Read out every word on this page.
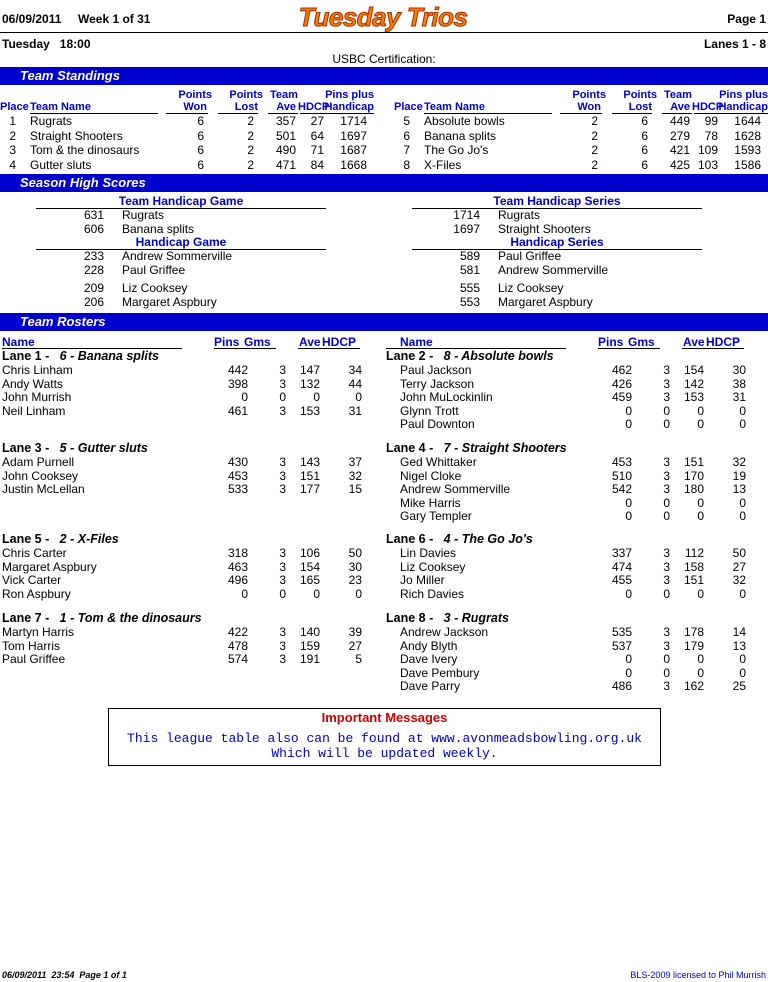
06/09/2011 Week 1 of 31	Tuesday Trios	Page 1
Tuesday   18:00	Lanes 1 - 8
USBC Certification:
Team Standings
Points	Points Team	Pins plus
Place Team Name	Won	Lost	Ave HDCP
Handicap
1 Rugrats	6	2	357	27	1714
2 Straight Shooters	6	2	501	64	1697
3 Tom & the dinosaurs	6	2	490	71	1687
4 Gutter sluts	6	2	471	84	1668
Points	Points Team	Pins plus
Place Team Name	Won	Lost	Ave HDCP
Handicap
5 Absolute bowls	2	6	449	99	1644
6 Banana splits	2	6	279	78	1628
7 The Go Jo's	2	6	421 109	1593
8 X-Files	2	6	425 103	1586
Season High Scores
Team Handicap Game
631 Rugrats
606 Banana splits
Handicap Game
233 Andrew Sommerville
228 Paul Griffee
209 Liz Cooksey
206 Margaret Aspbury
Team Handicap Series
1714 Rugrats
1697 Straight Shooters
Handicap Series
589 Paul Griffee
581 Andrew Sommerville
555 Liz Cooksey
553 Margaret Aspbury
Team Rosters
Name	Pins Gms Ave HDCP	Name	Pins Gms Ave HDCP
Lane 1 - 6 - Banana splits
Chris Linham	442	3	147	34
Andy Watts	398	3	132	44
John Murrish	0	0	0	0
Neil Linham	461	3	153	31
Lane 2 - 8 - Absolute bowls
Paul Jackson	462	3	154	30
Terry Jackson	426	3	142	38
John MuLockinlin	459	3	153	31
Glynn Trott	0	0	0	0
Paul Downton	0	0	0	0
Lane 3 - 5 - Gutter sluts
Adam Purnell	430	3	143	37
John Cooksey	453	3	151	32
Justin McLellan	533	3	177	15
Lane 4 - 7 - Straight Shooters
Ged Whittaker	453	3	151	32
Nigel Cloke	510	3	170	19
Andrew Sommerville	542	3	180	13
Mike Harris	0	0	0	0
Gary Templer	0	0	0	0
Lane 5 - 2 - X-Files
Chris Carter	318	3	106	50
Margaret Aspbury	463	3	154	30
Vick Carter	496	3	165	23
Ron Aspbury	0	0	0	0
Lane 6 - 4 - The Go Jo's
Lin Davies	337	3	112	50
Liz Cooksey	474	3	158	27
Jo Miller	455	3	151	32
Rich Davies	0	0	0	0
Lane 7 - 1 - Tom & the dinosaurs
Martyn Harris	422	3	140	39
Tom Harris	478	3	159	27
Paul Griffee	574	3	191	5
Lane 8 - 3 - Rugrats
Andrew Jackson	535	3	178	14
Andy Blyth	537	3	179	13
Dave Ivery	0	0	0	0
Dave Pembury	0	0	0	0
Dave Parry	486	3	162	25
Important Messages
This league table also can be found at www.avonmeadsbowling.org.uk
Which will be updated weekly.
06/09/2011  23:54  Page 1 of 1	BLS-2009 licensed to Phil Murrish
